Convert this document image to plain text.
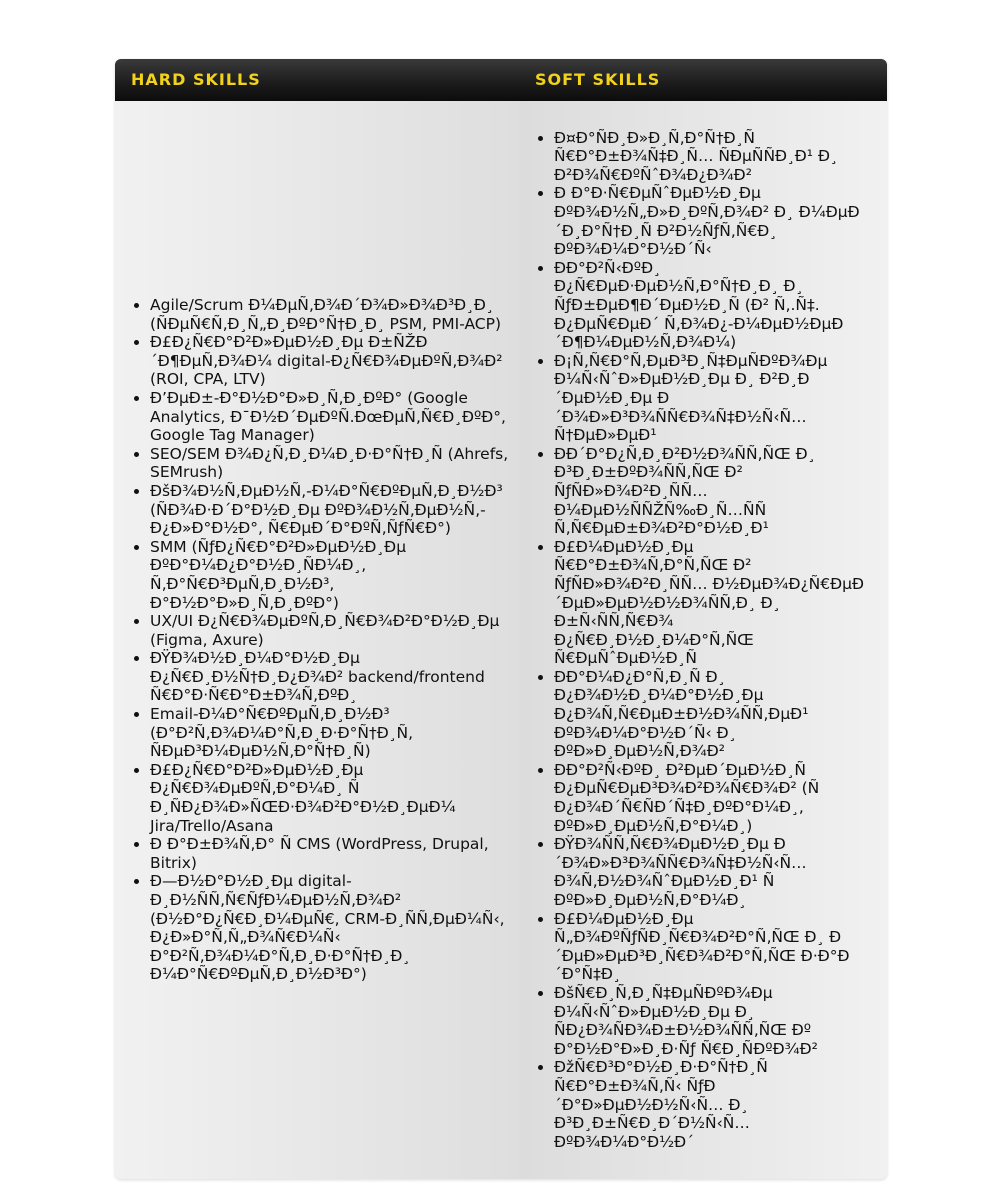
HARD SKILLS	SOFT SKILLS
• Agile/Scrum Ð¼ÐµÑ‚Ð¾Ð´Ð¾Ð»Ð¾Ð³Ð¸Ð¸ (ÑÐµÑ€Ñ‚Ð¸Ñ„Ð¸ÐºÐ°Ñ†Ð¸Ð¸ PSM, PMI-ACP)
• Ð£Ð¿Ñ€Ð°Ð²Ð»ÐµÐ½Ð¸Ðµ Ð±ÑŽÐ´Ð¶ÐµÑ‚Ð¾Ð¼ digital-Ð¿Ñ€Ð¾ÐµÐºÑ‚Ð¾Ð² (ROI, CPA, LTV)
• Ð’ÐµÐ±-Ð°Ð½Ð°Ð»Ð¸Ñ‚Ð¸ÐºÐ° (Google Analytics, Ð¯Ð½Ð´ÐµÐºÑ.ÐœÐµÑ‚Ñ€Ð¸ÐºÐ°, Google Tag Manager)
• SEO/SEM Ð¾Ð¿Ñ‚Ð¸Ð¼Ð¸Ð·Ð°Ñ†Ð¸Ñ (Ahrefs, SEMrush)
• ÐšÐ¾Ð½Ñ‚ÐµÐ½Ñ‚-Ð¼Ð°Ñ€ÐºÐµÑ‚Ð¸Ð½Ð³ (ÑÐ¾Ð·Ð´Ð°Ð½Ð¸Ðµ ÐºÐ¾Ð½Ñ‚ÐµÐ½Ñ‚-Ð¿Ð»Ð°Ð½Ð°, Ñ€ÐµÐ´Ð°ÐºÑ‚ÑƒÑ€Ð°)
• SMM (ÑƒÐ¿Ñ€Ð°Ð²Ð»ÐµÐ½Ð¸Ðµ ÐºÐ°Ð¼Ð¿Ð°Ð½Ð¸ÑÐ¼Ð¸, Ñ‚Ð°Ñ€Ð³ÐµÑ‚Ð¸Ð½Ð³, Ð°Ð½Ð°Ð»Ð¸Ñ‚Ð¸ÐºÐ°)
• UX/UI Ð¿Ñ€Ð¾ÐµÐºÑ‚Ð¸Ñ€Ð¾Ð²Ð°Ð½Ð¸Ðµ (Figma, Axure)
• ÐŸÐ¾Ð½Ð¸Ð¼Ð°Ð½Ð¸Ðµ Ð¿Ñ€Ð¸Ð½Ñ†Ð¸Ð¿Ð¾Ð² backend/frontend Ñ€Ð°Ð·Ñ€Ð°Ð±Ð¾Ñ‚ÐºÐ¸
• Email-Ð¼Ð°Ñ€ÐºÐµÑ‚Ð¸Ð½Ð³ (Ð°Ð²Ñ‚Ð¾Ð¼Ð°Ñ‚Ð¸Ð·Ð°Ñ†Ð¸Ñ, ÑÐµÐ³Ð¼ÐµÐ½Ñ‚Ð°Ñ†Ð¸Ñ)
• Ð£Ð¿Ñ€Ð°Ð²Ð»ÐµÐ½Ð¸Ðµ Ð¿Ñ€Ð¾ÐµÐºÑ‚Ð°Ð¼Ð¸ Ñ Ð¸ÑÐ¿Ð¾Ð»ÑŒÐ·Ð¾Ð²Ð°Ð½Ð¸ÐµÐ¼ Jira/Trello/Asana
• Ð Ð°Ð±Ð¾Ñ‚Ð° Ñ CMS (WordPress, Drupal, Bitrix)
• Ð—Ð½Ð°Ð½Ð¸Ðµ digital-Ð¸Ð½ÑÑ‚Ñ€ÑƒÐ¼ÐµÐ½Ñ‚Ð¾Ð² (Ð½Ð°Ð¿Ñ€Ð¸Ð¼ÐµÑ€, CRM-Ð¸ÑÑ‚ÐµÐ¼Ñ‹, Ð¿Ð»Ð°Ñ‚Ñ„Ð¾Ñ€Ð¼Ñ‹ Ð°Ð²Ñ‚Ð¾Ð¼Ð°Ñ‚Ð¸Ð·Ð°Ñ†Ð¸Ð¸ Ð¼Ð°Ñ€ÐºÐµÑ‚Ð¸Ð½Ð³Ð°)
• Ð¤Ð°ÑÐ¸Ð»Ð¸Ñ‚Ð°Ñ†Ð¸Ñ Ñ€Ð°Ð±Ð¾Ñ‡Ð¸Ñ… ÑÐµÑÑÐ¸Ð¹ Ð¸ Ð²Ð¾Ñ€ÐºÑˆÐ¾Ð¿Ð¾Ð²
• Ð Ð°Ð·Ñ€ÐµÑˆÐµÐ½Ð¸Ðµ ÐºÐ¾Ð½Ñ„Ð»Ð¸ÐºÑ‚Ð¾Ð² Ð¸ Ð¼ÐµÐ´Ð¸Ð°Ñ†Ð¸Ñ Ð²Ð½ÑƒÑ‚Ñ€Ð¸ ÐºÐ¾Ð¼Ð°Ð½Ð´Ñ‹
• ÐÐ°Ð²Ñ‹ÐºÐ¸ Ð¿Ñ€ÐµÐ·ÐµÐ½Ñ‚Ð°Ñ†Ð¸Ð¸ Ð¸ ÑƒÐ±ÐµÐ¶Ð´ÐµÐ½Ð¸Ñ (Ð² Ñ‚.Ñ‡. Ð¿ÐµÑ€ÐµÐ´ Ñ‚Ð¾Ð¿-Ð¼ÐµÐ½ÐµÐ´Ð¶Ð¼ÐµÐ½Ñ‚Ð¾Ð¼)
• Ð¡Ñ‚Ñ€Ð°Ñ‚ÐµÐ³Ð¸Ñ‡ÐµÑÐºÐ¾Ðµ Ð¼Ñ‹ÑˆÐ»ÐµÐ½Ð¸Ðµ Ð¸ Ð²Ð¸Ð´ÐµÐ½Ð¸Ðµ Ð´Ð¾Ð»Ð³Ð¾ÑÑ€Ð¾Ñ‡Ð½Ñ‹Ñ… Ñ†ÐµÐ»ÐµÐ¹
• ÐÐ´Ð°Ð¿Ñ‚Ð¸Ð²Ð½Ð¾ÑÑ‚ÑŒ Ð¸ Ð³Ð¸Ð±ÐºÐ¾ÑÑ‚ÑŒ Ð² ÑƒÑÐ»Ð¾Ð²Ð¸ÑÑ… Ð¼ÐµÐ½ÑÑŽÑ‰Ð¸Ñ…ÑÑ Ñ‚Ñ€ÐµÐ±Ð¾Ð²Ð°Ð½Ð¸Ð¹
• Ð£Ð¼ÐµÐ½Ð¸Ðµ Ñ€Ð°Ð±Ð¾Ñ‚Ð°Ñ‚ÑŒ Ð² ÑƒÑÐ»Ð¾Ð²Ð¸ÑÑ… Ð½ÐµÐ¾Ð¿Ñ€ÐµÐ´ÐµÐ»ÐµÐ½Ð½Ð¾ÑÑ‚Ð¸ Ð¸ Ð±Ñ‹ÑÑ‚Ñ€Ð¾ Ð¿Ñ€Ð¸Ð½Ð¸Ð¼Ð°Ñ‚ÑŒ Ñ€ÐµÑˆÐµÐ½Ð¸Ñ
• ÐÐ°Ð¼Ð¿Ð°Ñ‚Ð¸Ñ Ð¸ Ð¿Ð¾Ð½Ð¸Ð¼Ð°Ð½Ð¸Ðµ Ð¿Ð¾Ñ‚Ñ€ÐµÐ±Ð½Ð¾ÑÑ‚ÐµÐ¹ ÐºÐ¾Ð¼Ð°Ð½Ð´Ñ‹ Ð¸ ÐºÐ»Ð¸ÐµÐ½Ñ‚Ð¾Ð²
• ÐÐ°Ð²Ñ‹ÐºÐ¸ Ð²ÐµÐ´ÐµÐ½Ð¸Ñ Ð¿ÐµÑ€ÐµÐ³Ð¾Ð²Ð¾Ñ€Ð¾Ð² (Ñ Ð¿Ð¾Ð´Ñ€ÑÐ´Ñ‡Ð¸ÐºÐ°Ð¼Ð¸, ÐºÐ»Ð¸ÐµÐ½Ñ‚Ð°Ð¼Ð¸)
• ÐŸÐ¾ÑÑ‚Ñ€Ð¾ÐµÐ½Ð¸Ðµ Ð´Ð¾Ð»Ð³Ð¾ÑÑ€Ð¾Ñ‡Ð½Ñ‹Ñ… Ð¾Ñ‚Ð½Ð¾ÑˆÐµÐ½Ð¸Ð¹ Ñ ÐºÐ»Ð¸ÐµÐ½Ñ‚Ð°Ð¼Ð¸
• Ð£Ð¼ÐµÐ½Ð¸Ðµ Ñ„Ð¾ÐºÑƒÑÐ¸Ñ€Ð¾Ð²Ð°Ñ‚ÑŒ Ð¸ Ð´ÐµÐ»ÐµÐ³Ð¸Ñ€Ð¾Ð²Ð°Ñ‚ÑŒ Ð·Ð°Ð´Ð°Ñ‡Ð¸
• ÐšÑ€Ð¸Ñ‚Ð¸Ñ‡ÐµÑÐºÐ¾Ðµ Ð¼Ñ‹ÑˆÐ»ÐµÐ½Ð¸Ðµ Ð¸ ÑÐ¿Ð¾ÑÐ¾Ð±Ð½Ð¾ÑÑ‚ÑŒ Ðº Ð°Ð½Ð°Ð»Ð¸Ð·Ñƒ Ñ€Ð¸ÑÐºÐ¾Ð²
• ÐžÑ€Ð³Ð°Ð½Ð¸Ð·Ð°Ñ†Ð¸Ñ Ñ€Ð°Ð±Ð¾Ñ‚Ñ‹ ÑƒÐ´Ð°Ð»ÐµÐ½Ð½Ñ‹Ñ… Ð¸ Ð³Ð¸Ð±Ñ€Ð¸Ð´Ð½Ñ‹Ñ… ÐºÐ¾Ð¼Ð°Ð½Ð´
